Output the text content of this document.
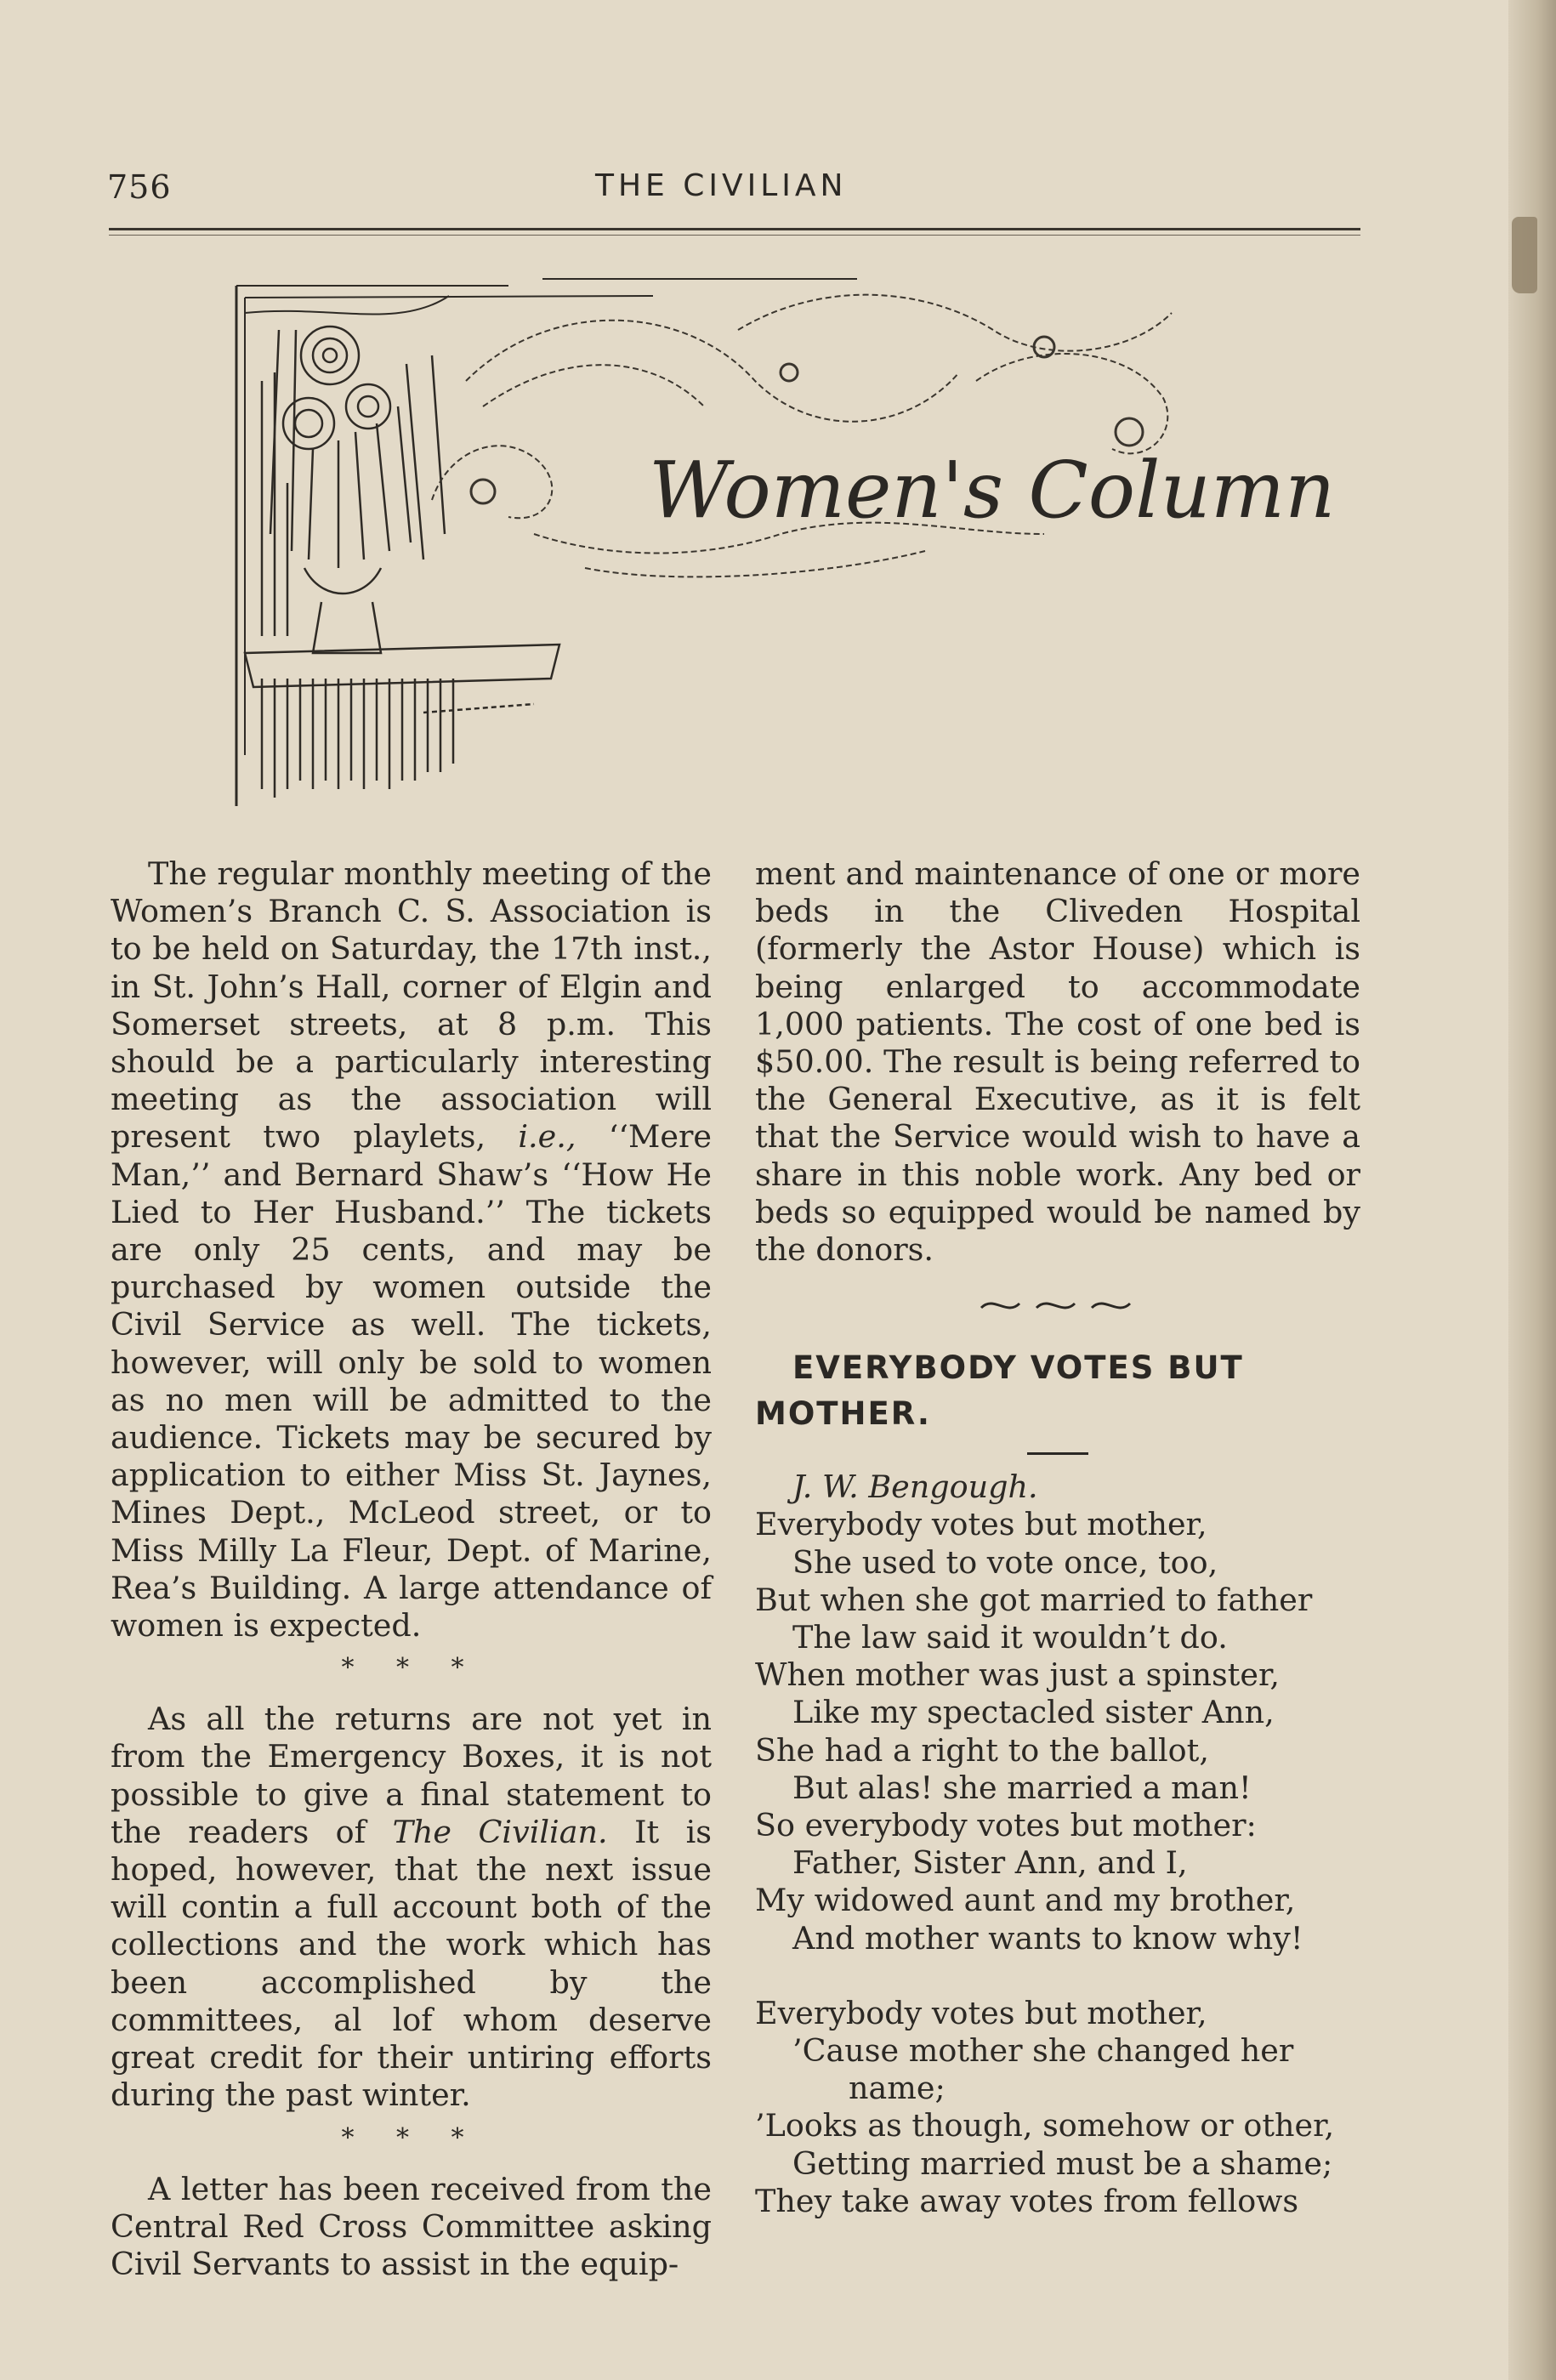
756	THE CIVILIAN
Women's Column

The regular monthly meeting of the Women’s Branch C. S. Association is to be held on Saturday, the 17th inst., in St. John’s Hall, corner of Elgin and Somerset streets, at 8 p.m. This should be a particularly interesting meeting as the association will present two playlets, i.e., ‘‘Mere Man,’’ and Bernard Shaw’s ‘‘How He Lied to Her Husband.’’ The tickets are only 25 cents, and may be purchased by women outside the Civil Service as well. The tickets, however, will only be sold to women as no men will be admitted to the audience. Tickets may be secured by application to either Miss St. Jaynes, Mines Dept., McLeod street, or to Miss Milly La Fleur, Dept. of Marine, Rea’s Building. A large attendance of women is expected.

* * *

As all the returns are not yet in from the Emergency Boxes, it is not possible to give a final statement to the readers of The Civilian. It is hoped, however, that the next issue will contin a full account both of the collections and the work which has been accomplished by the committees, al lof whom deserve great credit for their untiring efforts during the past winter.

* * *

A letter has been received from the Central Red Cross Committee asking Civil Servants to assist in the equip-

ment and maintenance of one or more beds in the Cliveden Hospital (formerly the Astor House) which is being enlarged to accommodate 1,000 patients. The cost of one bed is $50.00. The result is being referred to the General Executive, as it is felt that the Service would wish to have a share in this noble work. Any bed or beds so equipped would be named by the donors.

EVERYBODY VOTES BUT
MOTHER.

J. W. Bengough.

Everybody votes but mother,
She used to vote once, too,
But when she got married to father
The law said it wouldn’t do.
When mother was just a spinster,
Like my spectacled sister Ann,
She had a right to the ballot,
But alas! she married a man!
So everybody votes but mother:
Father, Sister Ann, and I,
My widowed aunt and my brother,
And mother wants to know why!
Everybody votes but mother,
’Cause mother she changed her
name;
’Looks as though, somehow or other,
Getting married must be a shame;
They take away votes from fellows
